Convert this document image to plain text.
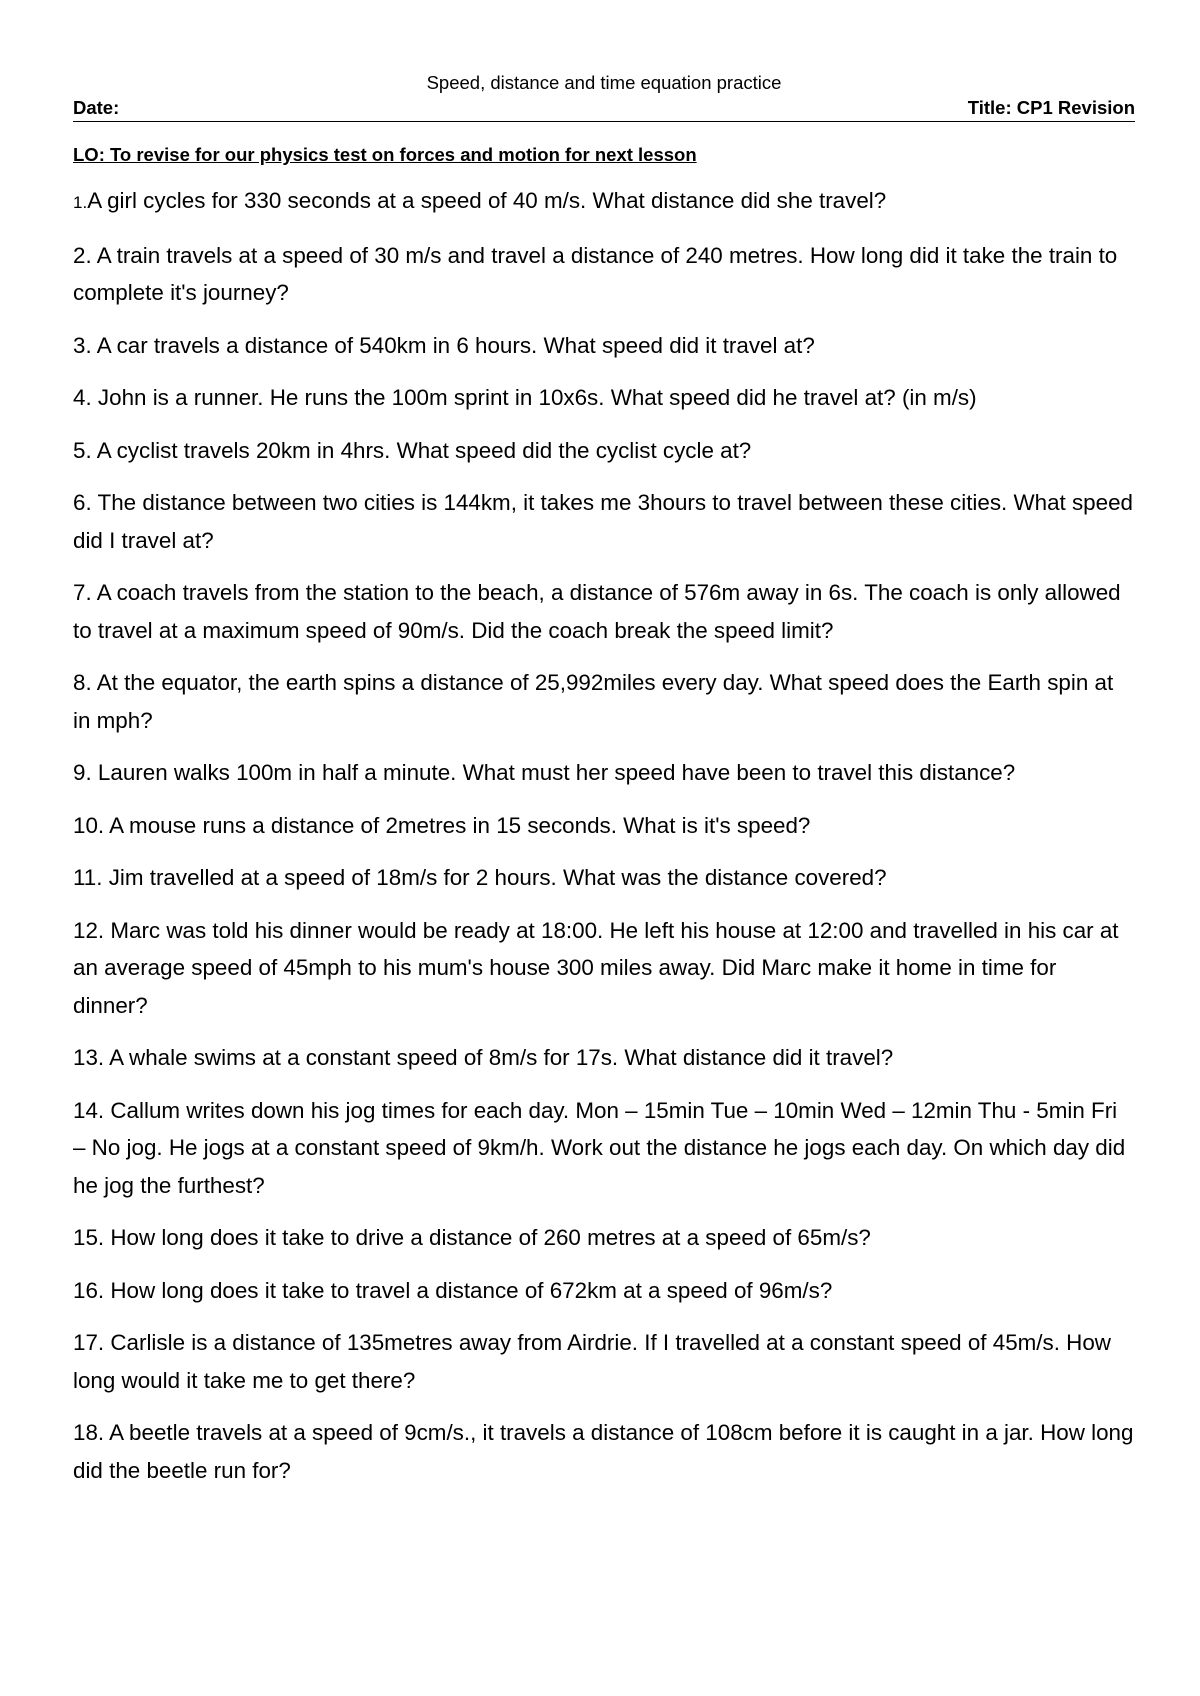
Speed, distance and time equation practice

Date:	Title: CP1 Revision
LO: To revise for our physics test on forces and motion for next lesson

1.A girl cycles for 330 seconds at a speed of 40 m/s. What distance did she travel?

2. A train travels at a speed of 30 m/s and travel a distance of 240 metres. How long did it take the train to complete it's journey?

3. A car travels a distance of 540km in 6 hours. What speed did it travel at?

4. John is a runner. He runs the 100m sprint in 10x6s. What speed did he travel at? (in m/s)

5. A cyclist travels 20km in 4hrs. What speed did the cyclist cycle at?

6. The distance between two cities is 144km, it takes me 3hours to travel between these cities. What speed did I travel at?

7. A coach travels from the station to the beach, a distance of 576m away in 6s. The coach is only allowed to travel at a maximum speed of 90m/s. Did the coach break the speed limit?

8. At the equator, the earth spins a distance of 25,992miles every day. What speed does the Earth spin at in mph?

9. Lauren walks 100m in half a minute. What must her speed have been to travel this distance?

10. A mouse runs a distance of 2metres in 15 seconds. What is it's speed?

11. Jim travelled at a speed of 18m/s for 2 hours. What was the distance covered?

12. Marc was told his dinner would be ready at 18:00. He left his house at 12:00 and travelled in his car at an average speed of 45mph to his mum's house 300 miles away. Did Marc make it home in time for dinner?

13. A whale swims at a constant speed of 8m/s for 17s. What distance did it travel?

14. Callum writes down his jog times for each day. Mon – 15min Tue – 10min Wed – 12min Thu - 5min Fri – No jog. He jogs at a constant speed of 9km/h. Work out the distance he jogs each day. On which day did he jog the furthest?

15. How long does it take to drive a distance of 260 metres at a speed of 65m/s?

16. How long does it take to travel a distance of 672km at a speed of 96m/s?

17. Carlisle is a distance of 135metres away from Airdrie. If I travelled at a constant speed of 45m/s. How long would it take me to get there?

18. A beetle travels at a speed of 9cm/s., it travels a distance of 108cm before it is caught in a jar. How long did the beetle run for?
